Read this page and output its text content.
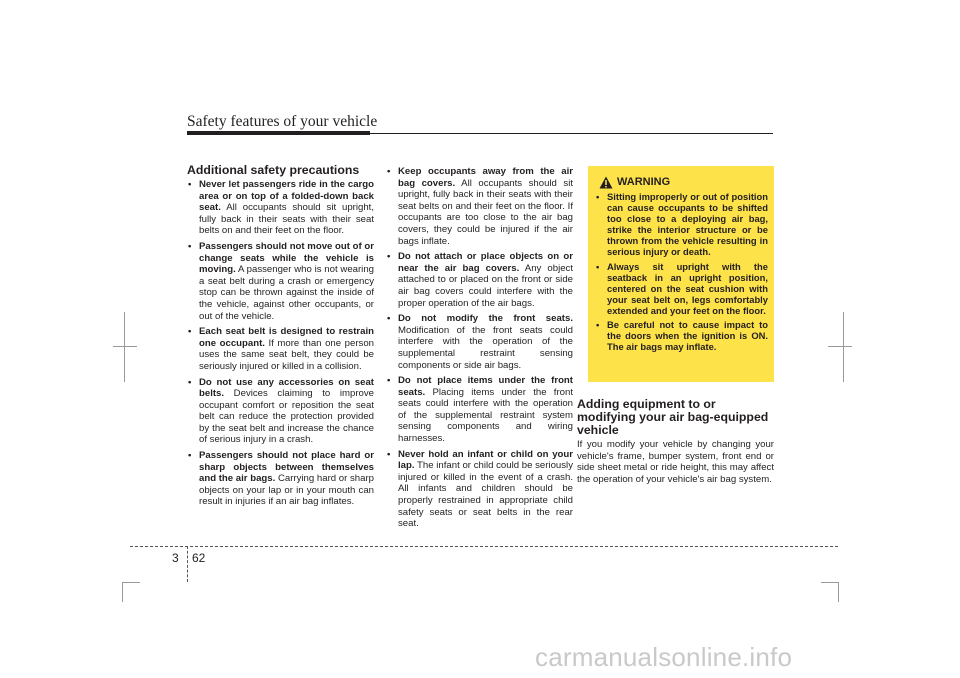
Safety features of your vehicle
Additional safety precautions
• Never let passengers ride in the cargo area or on top of a folded-down back seat. All occupants should sit upright, fully back in their seats with their seat belts on and their feet on the floor.
• Passengers should not move out of or change seats while the vehicle is moving. A passenger who is not wearing a seat belt during a crash or emergency stop can be thrown against the inside of the vehicle, against other occupants, or out of the vehicle.
• Each seat belt is designed to restrain one occupant. If more than one person uses the same seat belt, they could be seriously injured or killed in a collision.
• Do not use any accessories on seat belts. Devices claiming to improve occupant comfort or reposition the seat belt can reduce the protection provided by the seat belt and increase the chance of serious injury in a crash.
• Passengers should not place hard or sharp objects between themselves and the air bags. Carrying hard or sharp objects on your lap or in your mouth can result in injuries if an air bag inflates.
• Keep occupants away from the air bag covers. All occupants should sit upright, fully back in their seats with their seat belts on and their feet on the floor. If occupants are too close to the air bag covers, they could be injured if the air bags inflate.
• Do not attach or place objects on or near the air bag covers. Any object attached to or placed on the front or side air bag covers could interfere with the proper operation of the air bags.
• Do not modify the front seats. Modification of the front seats could interfere with the operation of the supplemental restraint sensing components or side air bags.
• Do not place items under the front seats. Placing items under the front seats could interfere with the operation of the supplemental restraint system sensing components and wiring harnesses.
• Never hold an infant or child on your lap. The infant or child could be seriously injured or killed in the event of a crash. All infants and children should be properly restrained in appropriate child safety seats or seat belts in the rear seat.
WARNING
• Sitting improperly or out of position can cause occupants to be shifted too close to a deploying air bag, strike the interior structure or be thrown from the vehicle resulting in serious injury or death.
• Always sit upright with the seatback in an upright position, centered on the seat cushion with your seat belt on, legs comfortably extended and your feet on the floor.
• Be careful not to cause impact to the doors when the ignition is ON. The air bags may inflate.
Adding equipment to or modifying your air bag-equipped vehicle

If you modify your vehicle by changing your vehicle's frame, bumper system, front end or side sheet metal or ride height, this may affect the operation of your vehicle's air bag system.

3 62
carmanualsonline.info
